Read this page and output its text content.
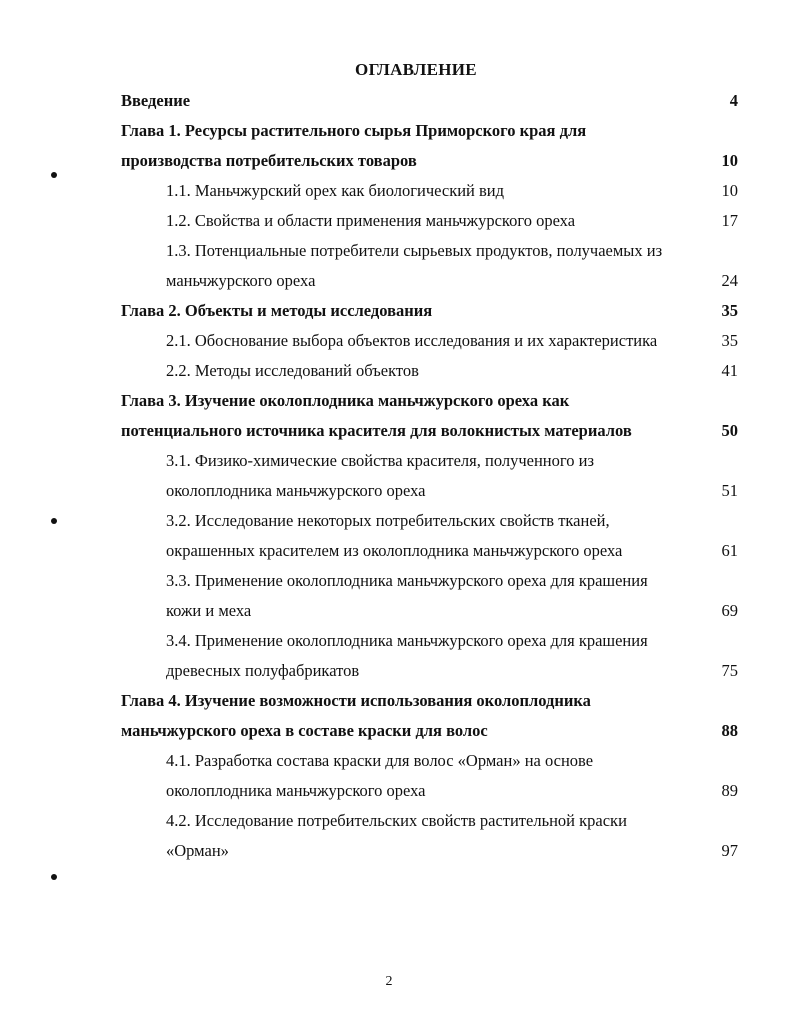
ОГЛАВЛЕНИЕ
Введение	4
Глава 1. Ресурсы растительного сырья Приморского края для
производства потребительских товаров	10
1.1. Маньчжурский орех как биологический вид	10
1.2. Свойства и области применения маньчжурского ореха	17
1.3. Потенциальные потребители сырьевых продуктов, получаемых из
маньчжурского ореха	24
Глава 2. Объекты и методы исследования	35
2.1. Обоснование выбора объектов исследования и их характеристика	35
2.2. Методы исследований объектов	41
Глава 3. Изучение околоплодника маньчжурского ореха как
потенциального источника красителя для волокнистых материалов	50
3.1. Физико-химические свойства красителя, полученного из
околоплодника маньчжурского ореха	51
3.2. Исследование некоторых потребительских свойств тканей,
окрашенных красителем из околоплодника маньчжурского ореха	61
3.3. Применение околоплодника маньчжурского ореха для крашения
кожи и меха	69
3.4. Применение околоплодника маньчжурского ореха для крашения
древесных полуфабрикатов	75
Глава 4. Изучение возможности использования околоплодника
маньчжурского ореха в составе краски для волос	88
4.1. Разработка состава краски для волос «Орман» на основе
околоплодника маньчжурского ореха	89
4.2. Исследование потребительских свойств растительной краски
«Орман»	97
2
